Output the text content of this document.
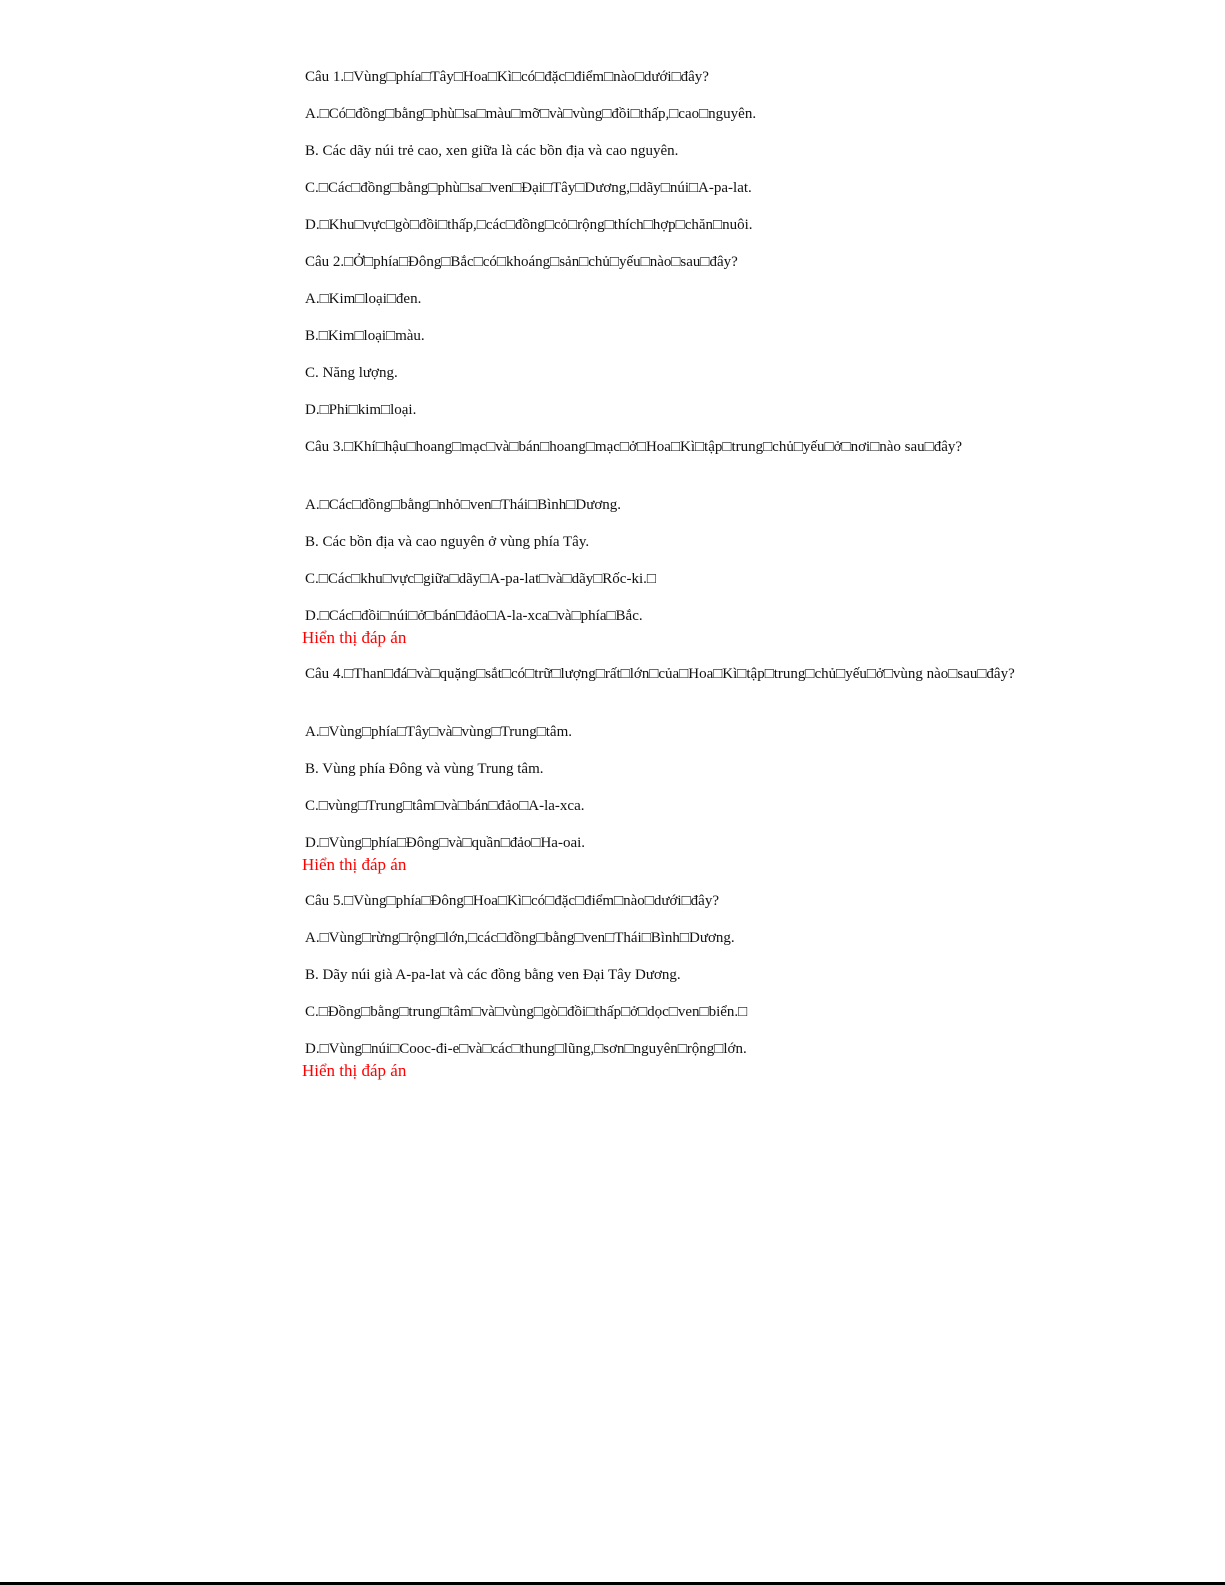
Câu 1.□Vùng□phía□Tây□Hoa□Kì□có□đặc□điểm□nào□dưới□đây?
A.□Có□đồng□bằng□phù□sa□màu□mỡ□và□vùng□đồi□thấp,□cao□nguyên.
B. Các dãy núi trẻ cao, xen giữa là các bồn địa và cao nguyên.
C.□Các□đồng□bằng□phù□sa□ven□Đại□Tây□Dương,□dãy□núi□A-pa-lat.
D.□Khu□vực□gò□đồi□thấp,□các□đồng□cỏ□rộng□thích□hợp□chăn□nuôi.
Câu 2.□Ở□phía□Đông□Bắc□có□khoáng□sản□chủ□yếu□nào□sau□đây?
A.□Kim□loại□đen.
B.□Kim□loại□màu.
C. Năng lượng.
D.□Phi□kim□loại.
Câu 3.□Khí□hậu□hoang□mạc□và□bán□hoang□mạc□ở□Hoa□Kì□tập□trung□chủ□yếu□ở□nơi□nào sau□đây?
A.□Các□đồng□bằng□nhỏ□ven□Thái□Bình□Dương.
B. Các bồn địa và cao nguyên ở vùng phía Tây.
C.□Các□khu□vực□giữa□dãy□A-pa-lat□và□dãy□Rốc-ki.□
D.□Các□đồi□núi□ở□bán□đảo□A-la-xca□và□phía□Bắc.
Hiển thị đáp án
Câu 4.□Than□đá□và□quặng□sắt□có□trữ□lượng□rất□lớn□của□Hoa□Kì□tập□trung□chủ□yếu□ở□vùng nào□sau□đây?
A.□Vùng□phía□Tây□và□vùng□Trung□tâm.
B. Vùng phía Đông và vùng Trung tâm.
C.□vùng□Trung□tâm□và□bán□đảo□A-la-xca.
D.□Vùng□phía□Đông□và□quần□đảo□Ha-oai.
Hiển thị đáp án
Câu 5.□Vùng□phía□Đông□Hoa□Kì□có□đặc□điểm□nào□dưới□đây?
A.□Vùng□rừng□rộng□lớn,□các□đồng□bằng□ven□Thái□Bình□Dương.
B. Dãy núi già A-pa-lat và các đồng bằng ven Đại Tây Dương.
C.□Đồng□bằng□trung□tâm□và□vùng□gò□đồi□thấp□ở□dọc□ven□biển.□
D.□Vùng□núi□Cooc-đi-e□và□các□thung□lũng,□sơn□nguyên□rộng□lớn.
Hiển thị đáp án
